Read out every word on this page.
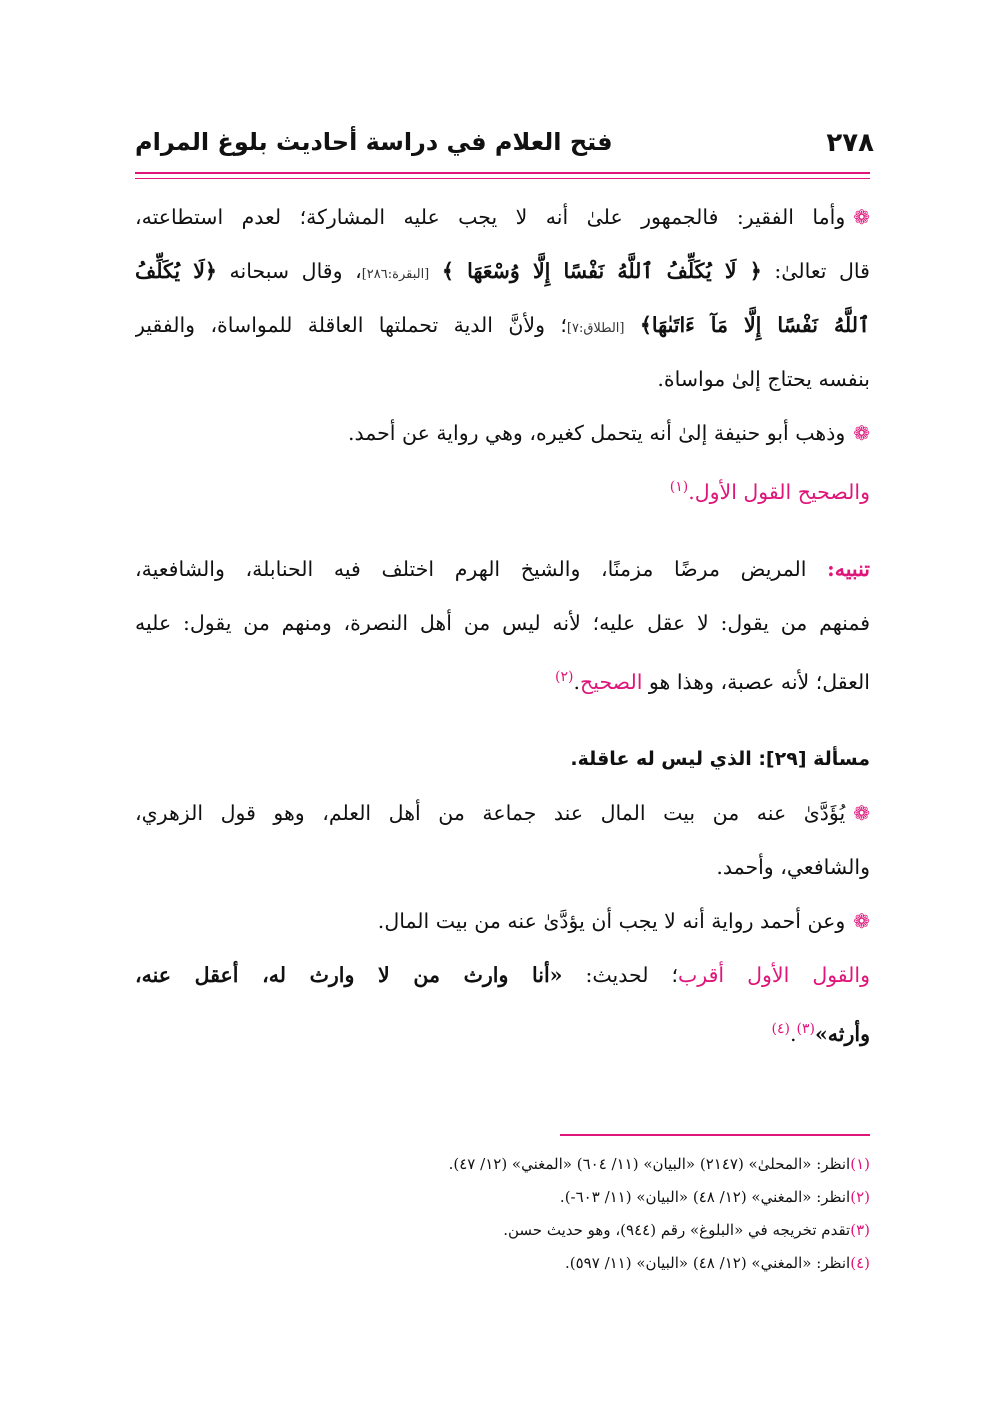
٢٧٨
فتح العلام في دراسة أحاديث بلوغ المرام
❁وأما الفقير: فالجمهور علىٰ أنه لا يجب عليه المشاركة؛ لعدم استطاعته،
قال تعالىٰ: ﴿ لَا يُكَلِّفُ ٱللَّهُ نَفْسًا إِلَّا وُسْعَهَا ﴾ [البقرة:٢٨٦]، وقال سبحانه ﴿لَا يُكَلِّفُ
ٱللَّهُ نَفْسًا إِلَّا مَآ ءَاتَىٰهَا﴾ [الطلاق:٧]؛ ولأنَّ الدية تحملتها العاقلة للمواساة، والفقير
بنفسه يحتاج إلىٰ مواساة.
❁وذهب أبو حنيفة إلىٰ أنه يتحمل كغيره، وهي رواية عن أحمد.
والصحيح القول الأول.$^{(١)}$
تنبيه: المريض مرضًا مزمنًا، والشيخ الهرم اختلف فيه الحنابلة، والشافعية،
فمنهم من يقول: لا عقل عليه؛ لأنه ليس من أهل النصرة، ومنهم من يقول: عليه
العقل؛ لأنه عصبة، وهذا هو الصحيح.$^{(٢)}$
مسألة [٢٩]: الذي ليس له عاقلة.
❁يُؤَدَّىٰ عنه من بيت المال عند جماعة من أهل العلم، وهو قول الزهري،
والشافعي، وأحمد.
❁وعن أحمد رواية أنه لا يجب أن يؤدَّىٰ عنه من بيت المال.
والقول الأول أقرب؛ لحديث: «أنا وارث من لا وارث له، أعقل عنه،
وأرثه»$^{(٣)}$.$^{(٤)}$
(١)انظر: «المحلىٰ» (٢١٤٧) «البيان» (١١/ ٦٠٤) «المغني» (١٢/ ٤٧).
(٢)انظر: «المغني» (١٢/ ٤٨) «البيان» (١١/ ٦٠٣-).
(٣)تقدم تخريجه في «البلوغ» رقم (٩٤٤)، وهو حديث حسن.
(٤)انظر: «المغني» (١٢/ ٤٨) «البيان» (١١/ ٥٩٧).
